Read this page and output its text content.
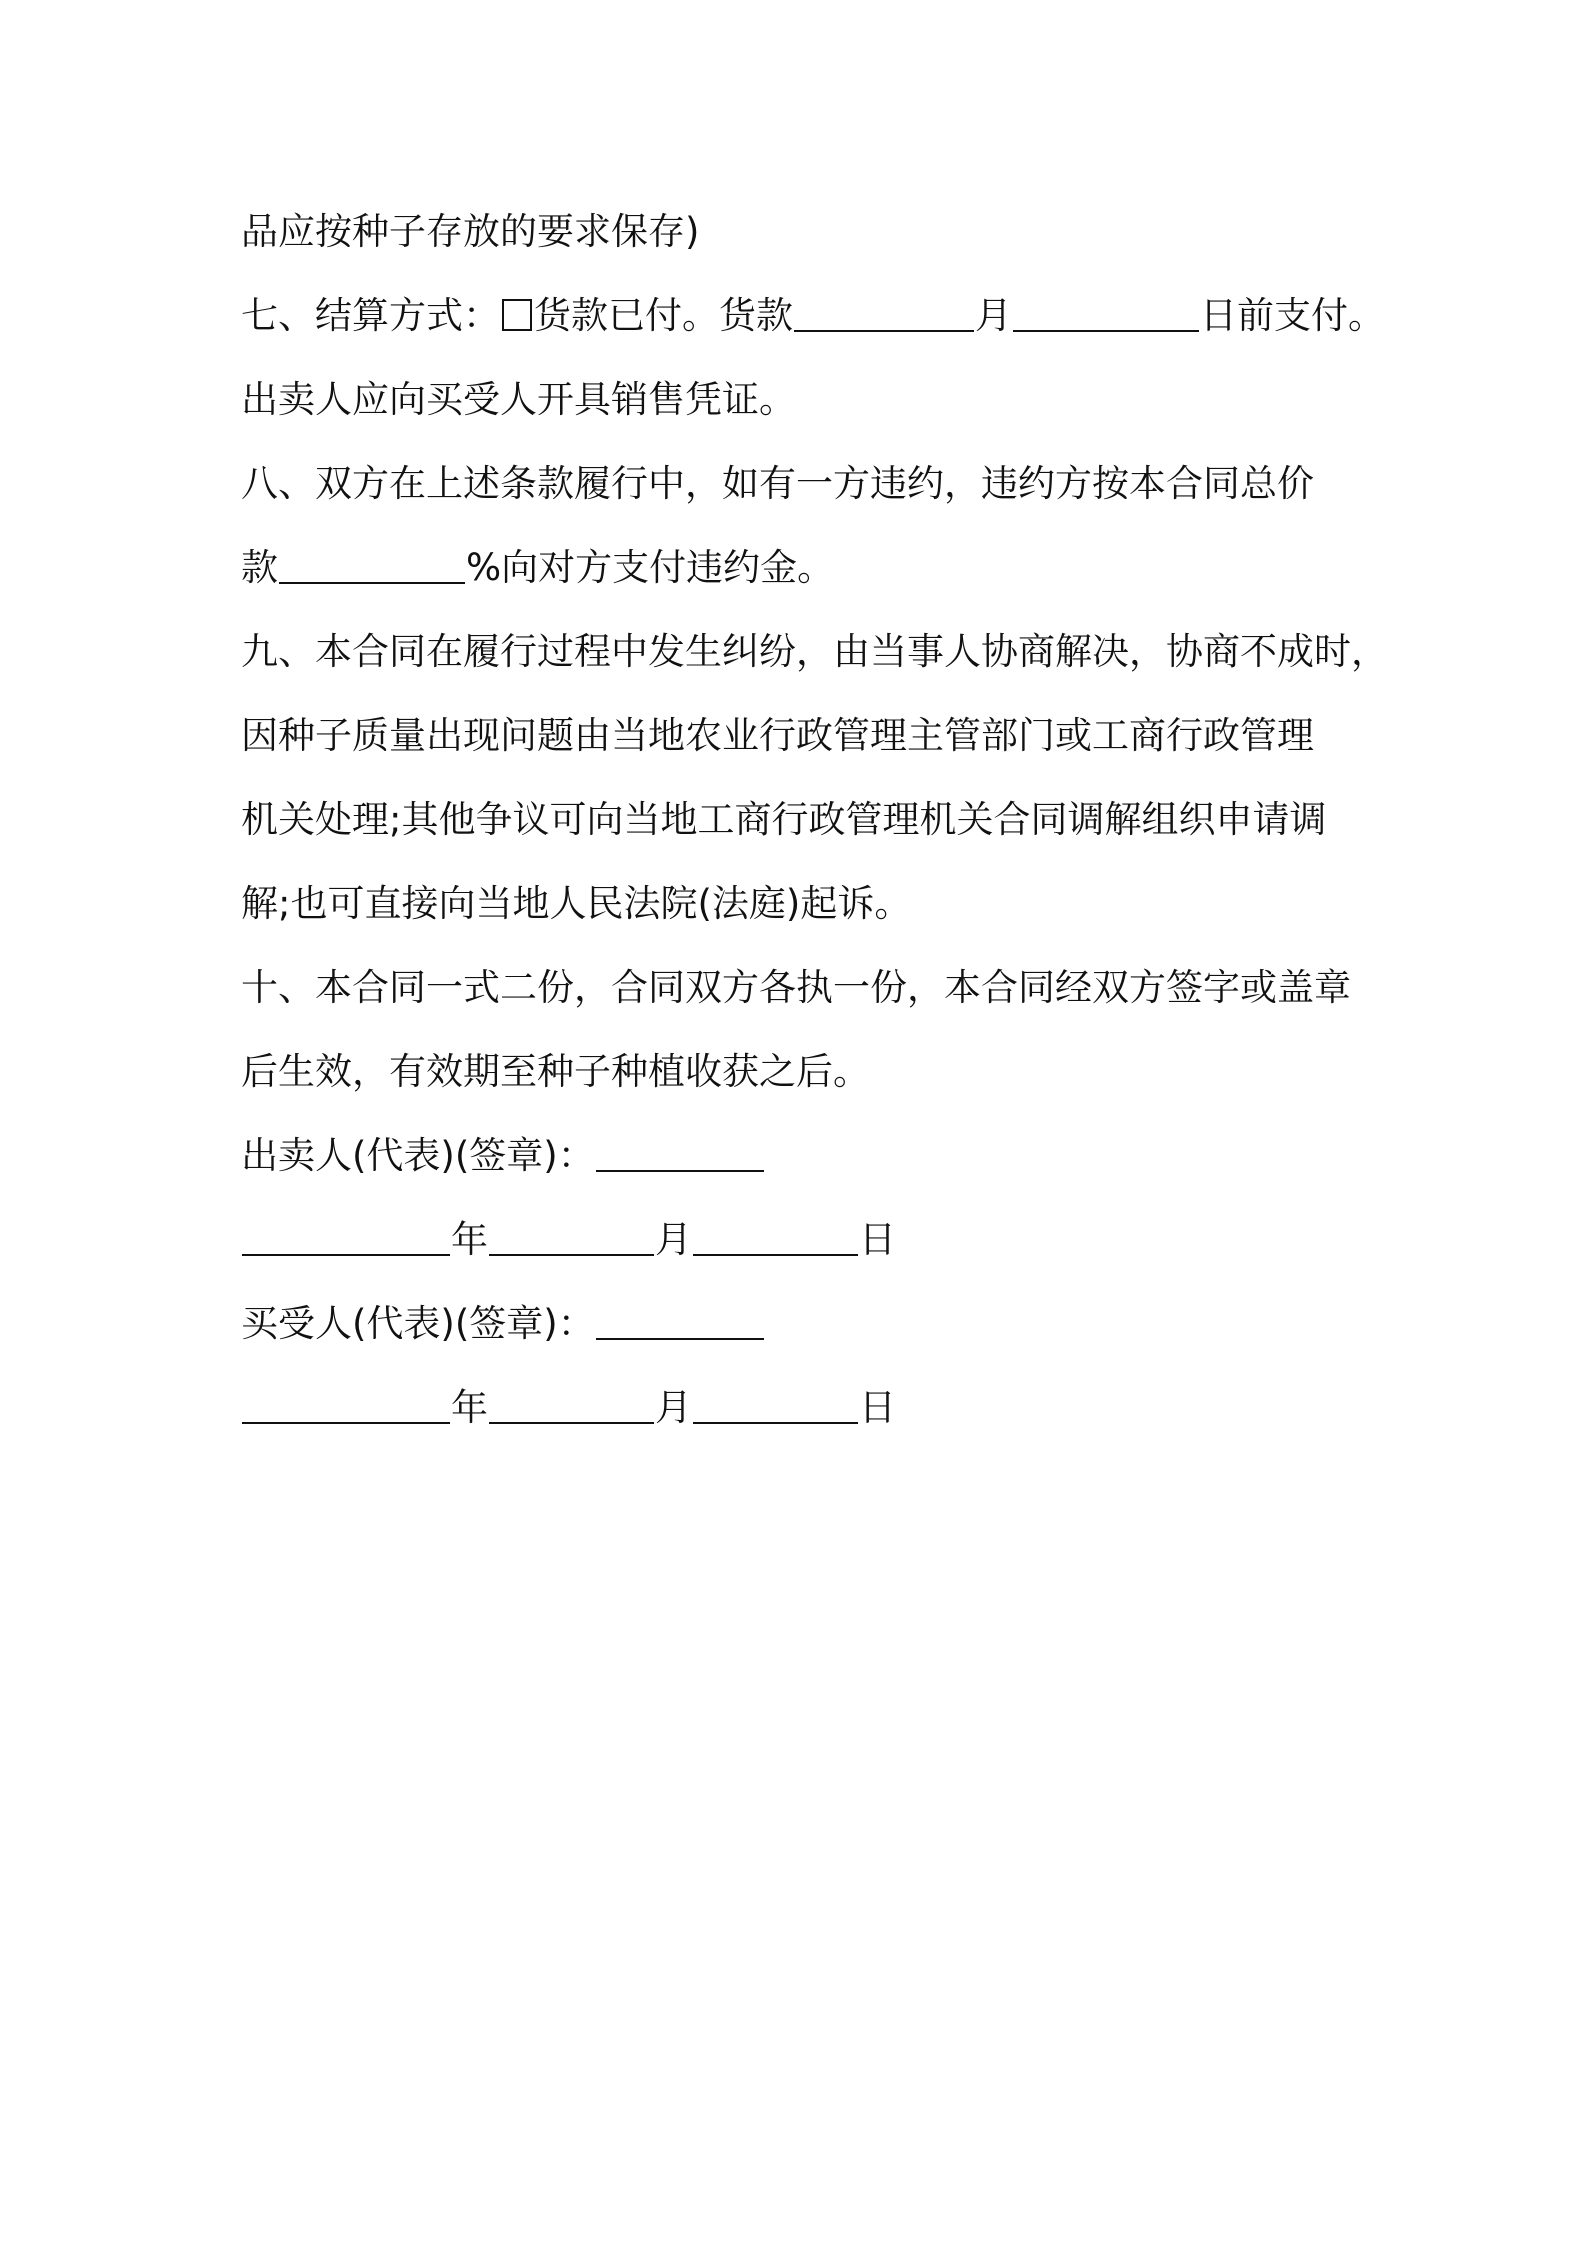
品应按种子存放的要求保存)
七、结算方式： 货款已付。货款	月	日前支付。
出卖人应向买受人开具销售凭证。
八、双方在上述条款履行中，如有一方违约，违约方按本合同总价
款	%向对方支付违约金。
九、本合同在履行过程中发生纠纷，由当事人协商解决，协商不成时，
因种子质量出现问题由当地农业行政管理主管部门或工商行政管理
机关处理;其他争议可向当地工商行政管理机关合同调解组织申请调
解;也可直接向当地人民法院(法庭)起诉。
十、本合同一式二份，合同双方各执一份，本合同经双方签字或盖章
后生效，有效期至种子种植收获之后。
出卖人(代表)(签章)：
年	月	日
买受人(代表)(签章)：
年	月	日
